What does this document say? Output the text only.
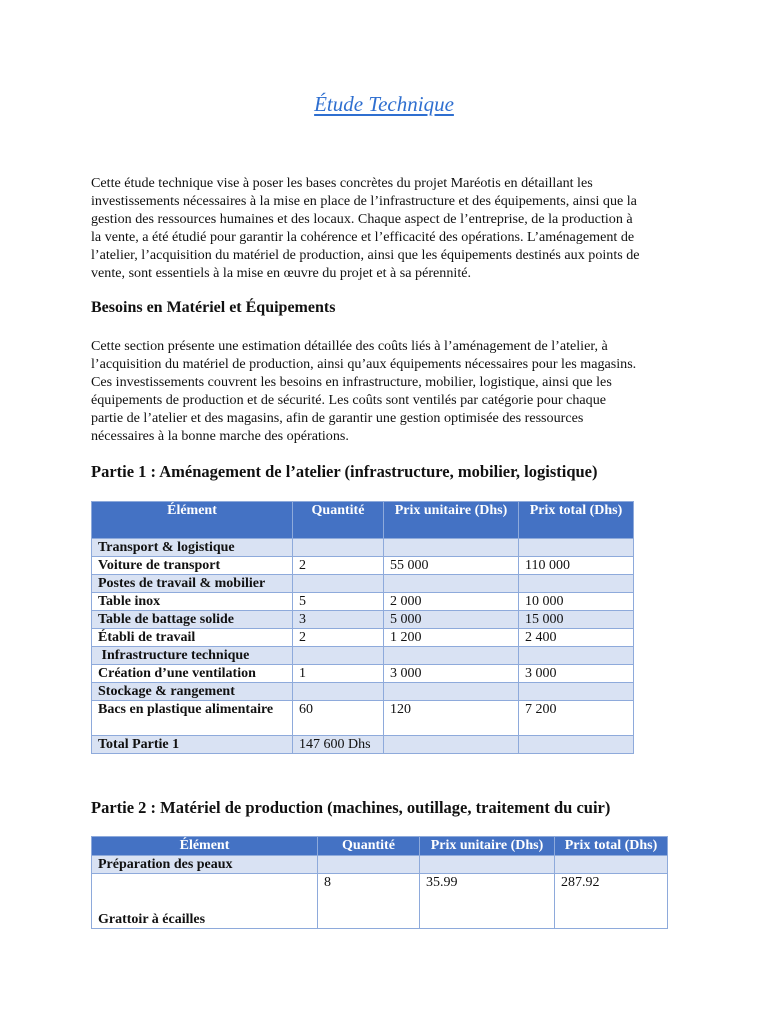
Étude Technique
Cette étude technique vise à poser les bases concrètes du projet Maréotis en détaillant les
investissements nécessaires à la mise en place de l’infrastructure et des équipements, ainsi que la
gestion des ressources humaines et des locaux. Chaque aspect de l’entreprise, de la production à
la vente, a été étudié pour garantir la cohérence et l’efficacité des opérations. L’aménagement de
l’atelier, l’acquisition du matériel de production, ainsi que les équipements destinés aux points de
vente, sont essentiels à la mise en œuvre du projet et à sa pérennité.
Besoins en Matériel et Équipements
Cette section présente une estimation détaillée des coûts liés à l’aménagement de l’atelier, à
l’acquisition du matériel de production, ainsi qu’aux équipements nécessaires pour les magasins.
Ces investissements couvrent les besoins en infrastructure, mobilier, logistique, ainsi que les
équipements de production et de sécurité. Les coûts sont ventilés par catégorie pour chaque
partie de l’atelier et des magasins, afin de garantir une gestion optimisée des ressources
nécessaires à la bonne marche des opérations.
Partie 1 : Aménagement de l’atelier (infrastructure, mobilier, logistique)
Élément	Quantité	Prix unitaire (Dhs)	Prix total (Dhs)
Transport & logistique			
Voiture de transport	2	55 000	110 000
Postes de travail & mobilier			
Table inox	5	2 000	10 000
Table de battage solide	3	5 000	15 000
Établi de travail	2	1 200	2 400
Infrastructure technique			
Création d’une ventilation	1	3 000	3 000
Stockage & rangement			
Bacs en plastique alimentaire	60	120	7 200
Total Partie 1	147 600 Dhs		
Partie 2 : Matériel de production (machines, outillage, traitement du cuir)
Élément	Quantité	Prix unitaire (Dhs)	Prix total (Dhs)
Préparation des peaux			
Grattoir à écailles	8	35.99	287.92
